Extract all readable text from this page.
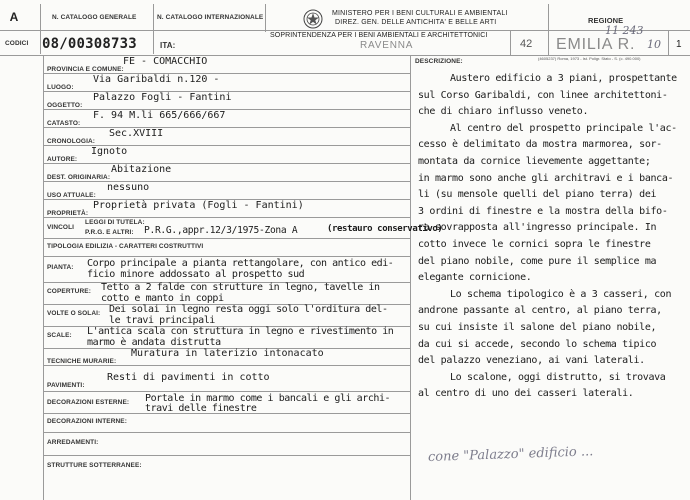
A
CODICI
N. CATALOGO GENERALE
08/00308733
N. CATALOGO INTERNAZIONALE
ITA:
MINISTERO PER I BENI CULTURALI E AMBIENTALI
DIREZ. GEN. DELLE ANTICHITA' E BELLE ARTI
SOPRINTENDENZA PER I BENI AMBIENTALI E ARCHITETTONICI
RAVENNA	42
REGIONE
11 243
EMILIA R. 10 1
PROVINCIA E COMUNE:
FE - COMACCHIO
LUOGO:
Via Garibaldi n.120 -
OGGETTO:
Palazzo Fogli - Fantini
CATASTO:
F. 94 M.li 665/666/667
CRONOLOGIA:
Sec.XVIII
AUTORE:
Ignoto
DEST. ORIGINARIA:
Abitazione
USO ATTUALE:
nessuno
PROPRIETÀ:
Proprietà privata (Fogli - Fantini)
VINCOLI
LEGGI DI TUTELA:
P.R.G. E ALTRI: P.R.G.,appr.12/3/1975-Zona A	(restauro conservativo)
TIPOLOGIA EDILIZIA - CARATTERI COSTRUTTIVI
PIANTA: Corpo principale a pianta rettangolare, con antico edi-
ficio minore addossato al prospetto sud
COPERTURE: Tetto a 2 falde con strutture in legno, tavelle in
cotto e manto in coppi
VOLTE O SOLAI: Dei solai in legno resta oggi solo l'orditura del-
le travi principali
SCALE: L'antica scala con struttura in legno e rivestimento in
marmo è andata distrutta
TECNICHE MURARIE:
Muratura in laterizio intonacato
PAVIMENTI:
Resti di pavimenti in cotto
DECORAZIONI ESTERNE: Portale in marmo come i bancali e gli archi-
travi delle finestre
DECORAZIONI INTERNE:
ARREDAMENTI:
STRUTTURE SOTTERRANEE:
DESCRIZIONE:	(4605237) Roma, 1973 - Ist. Poligr. Stato - S. (c. 490.000)
Austero edificio a 3 piani, prospettante
sul Corso Garibaldi, con linee architettoni-
che di chiaro influsso veneto.
Al centro del prospetto principale l'ac-
cesso è delimitato da mostra marmorea, sor-
montata da cornice lievemente aggettante;
in marmo sono anche gli architravi e i banca-
li (su mensole quelli del piano terra) dei
3 ordini di finestre e la mostra della bifo-
ra sovrapposta all'ingresso principale. In
cotto invece le cornici sopra le finestre
del piano nobile, come pure il semplice ma
elegante cornicione.
Lo schema tipologico è a 3 casseri, con
androne passante al centro, al piano terra,
su cui insiste il salone del piano nobile,
da cui si accede, secondo lo schema tipico
del palazzo veneziano, ai vani laterali.
Lo scalone, oggi distrutto, si trovava
al centro di uno dei casseri laterali.
cone "Palazzo" edificio ...
